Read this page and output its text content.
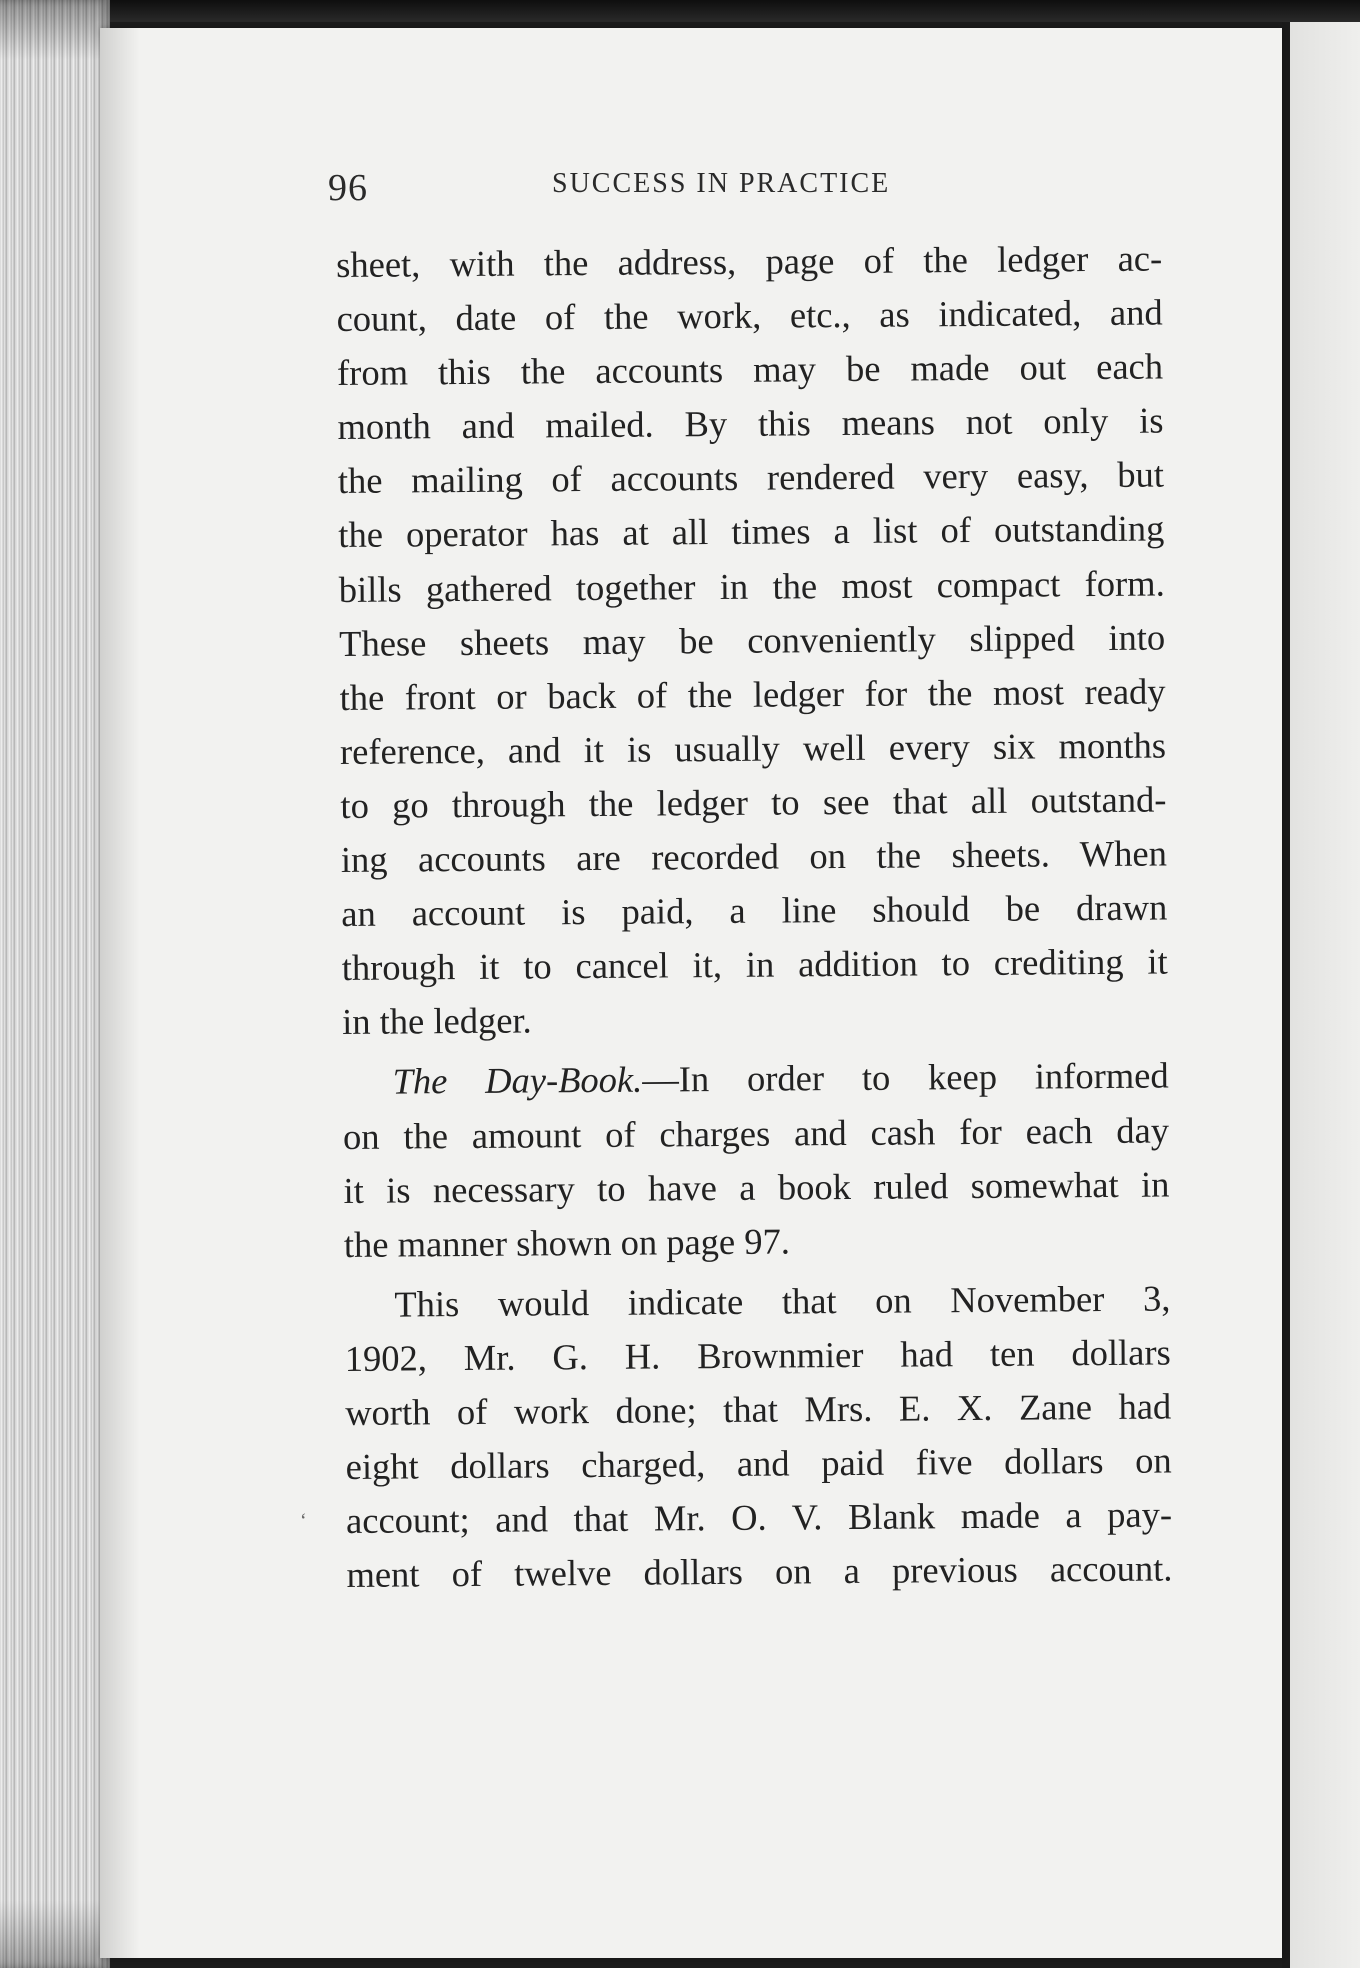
96	SUCCESS IN PRACTICE

sheet, with the address, page of the ledger ac-
count, date of the work, etc., as indicated, and
from this the accounts may be made out each
month and mailed. By this means not only is
the mailing of accounts rendered very easy, but
the operator has at all times a list of outstanding
bills gathered together in the most compact form.
These sheets may be conveniently slipped into
the front or back of the ledger for the most ready
reference, and it is usually well every six months
to go through the ledger to see that all outstand-
ing accounts are recorded on the sheets. When
an account is paid, a line should be drawn
through it to cancel it, in addition to crediting it
in the ledger.

The Day-Book.—In order to keep informed
on the amount of charges and cash for each day
it is necessary to have a book ruled somewhat in
the manner shown on page 97.

This would indicate that on November 3,
1902, Mr. G. H. Brownmier had ten dollars
worth of work done; that Mrs. E. X. Zane had
eight dollars charged, and paid five dollars on
account; and that Mr. O. V. Blank made a pay-
ment of twelve dollars on a previous account.

‘
